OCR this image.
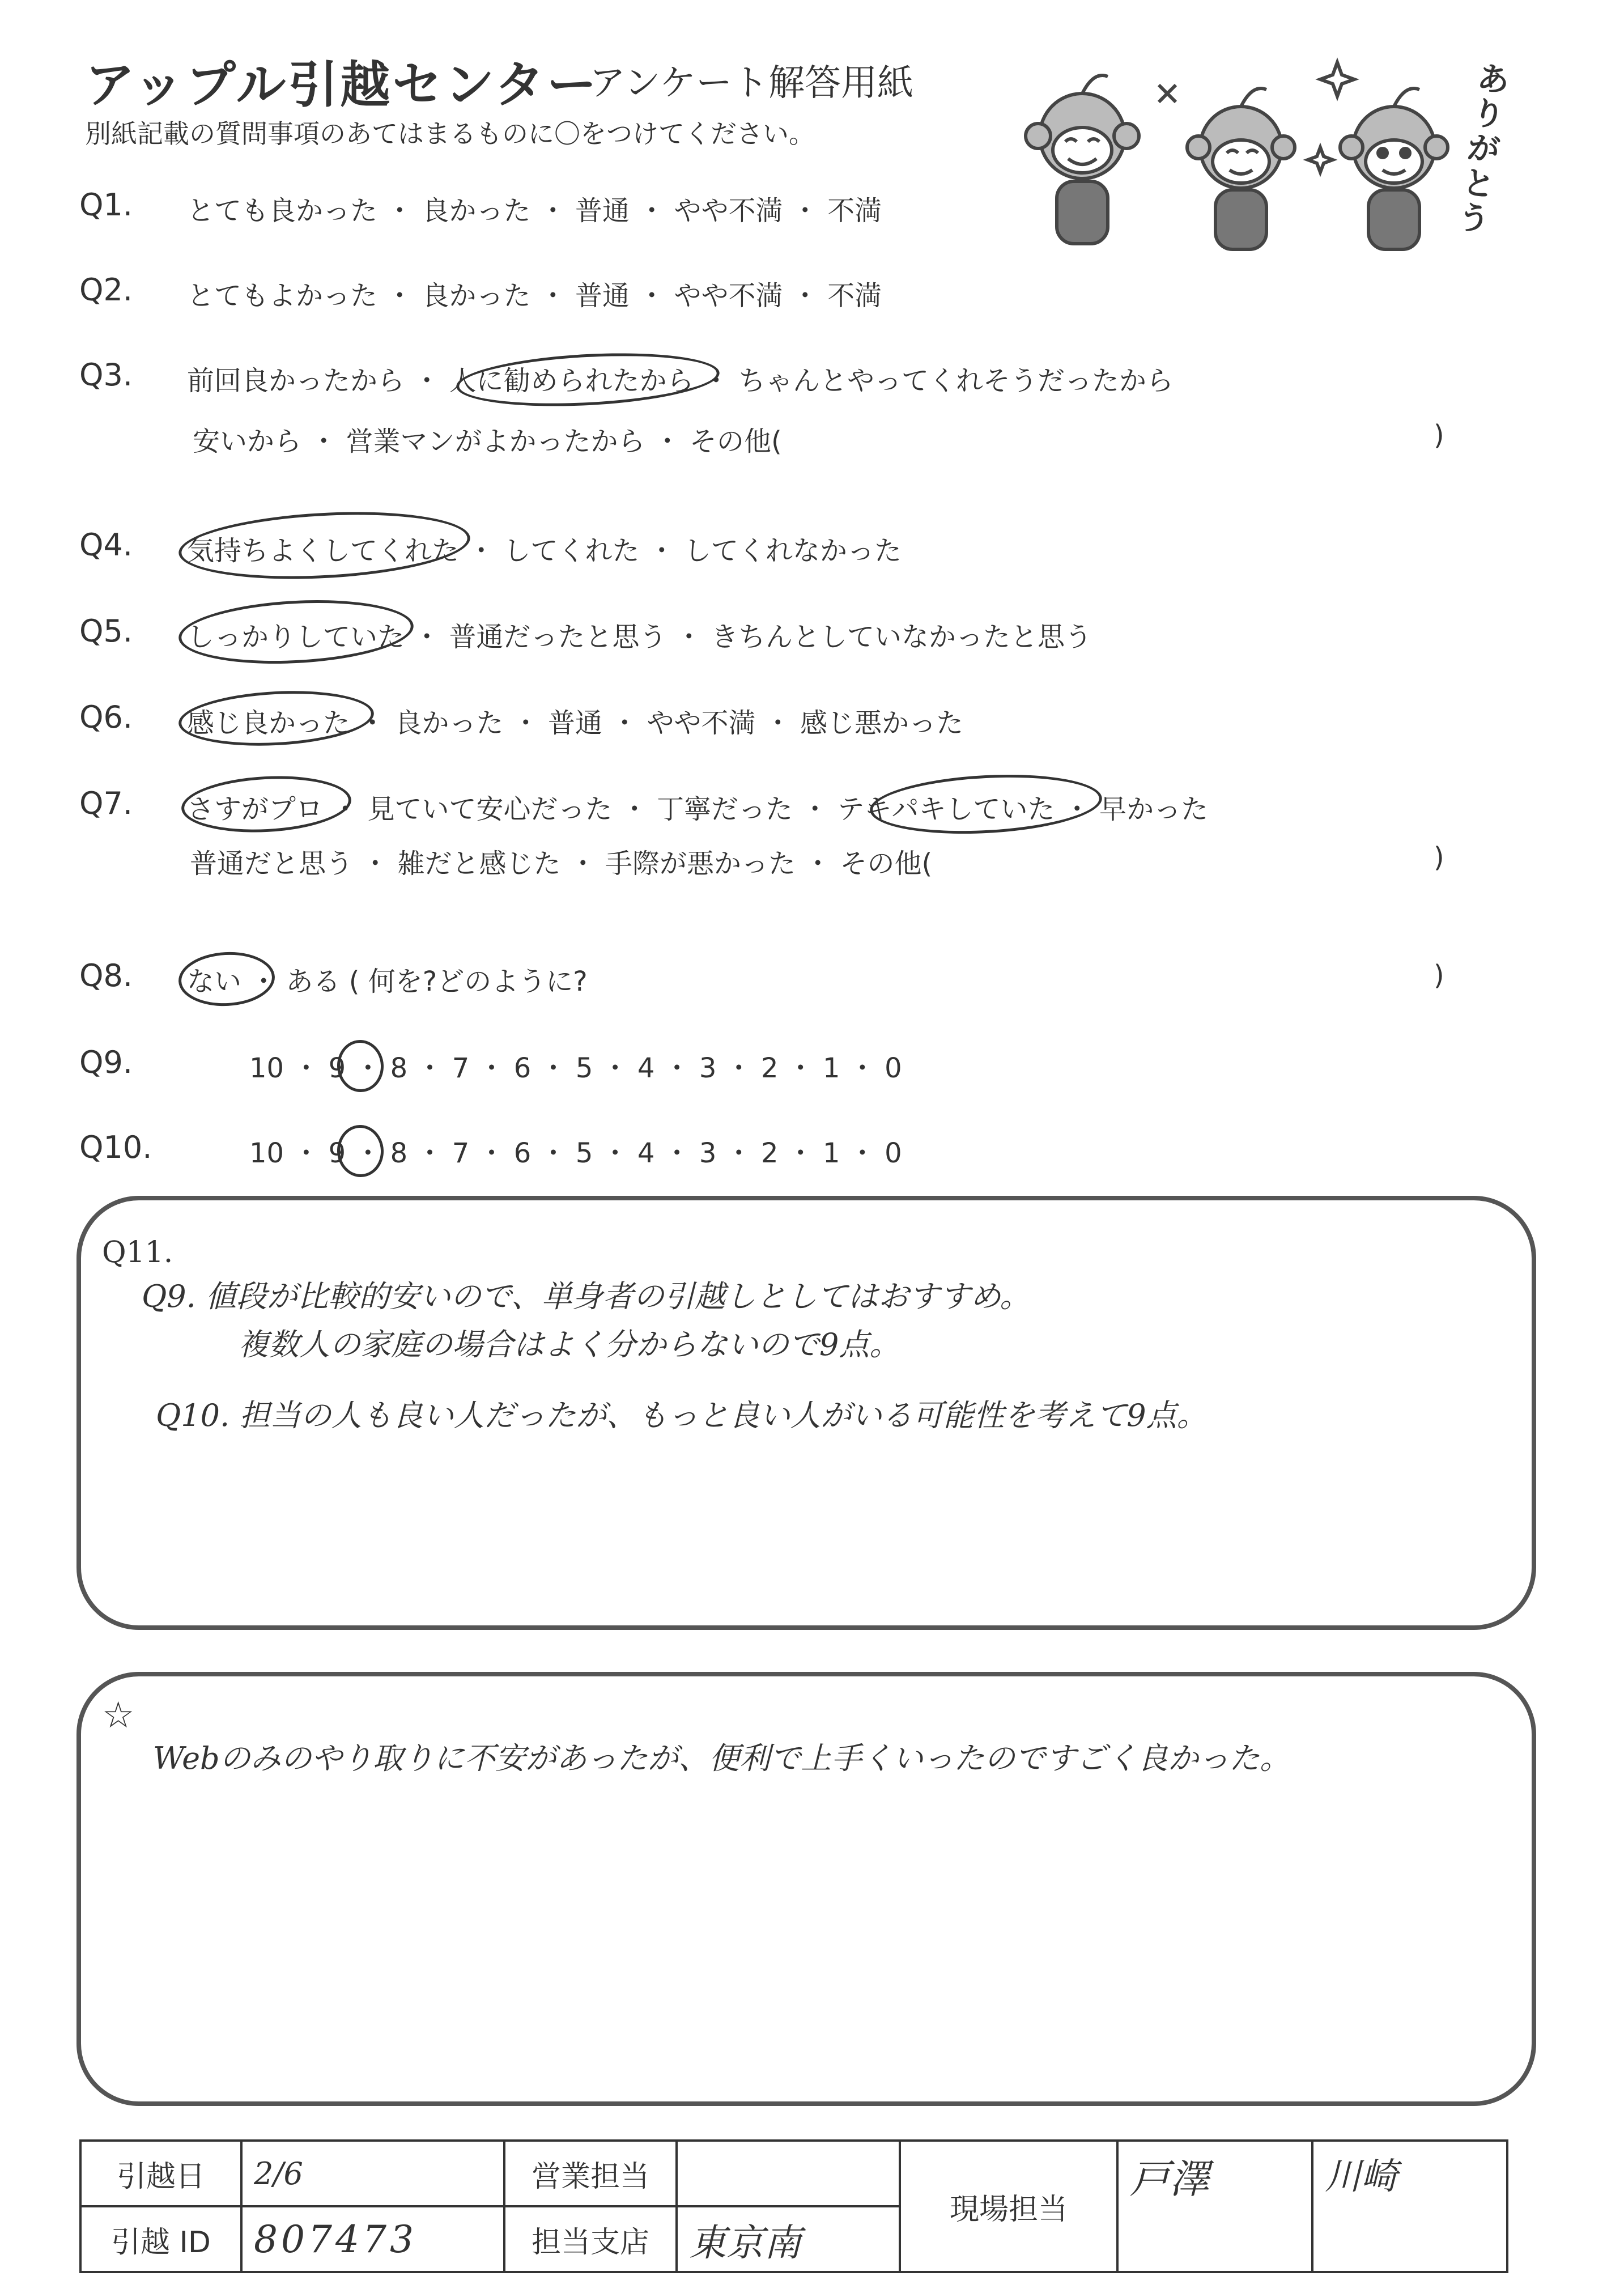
アップル引越センター
アンケート解答用紙
別紙記載の質問事項のあてはまるものに〇をつけてください。
ありがとう
Q1. とても良かった ・ 良かった ・ 普通 ・ やや不満 ・ 不満
Q2. とてもよかった ・ 良かった ・ 普通 ・ やや不満 ・ 不満
Q3. 前回良かったから ・ 人に勧められたから ・ ちゃんとやってくれそうだったから
安いから ・ 営業マンがよかったから ・ その他(	)
Q4. 気持ちよくしてくれた ・ してくれた ・ してくれなかった
Q5. しっかりしていた ・ 普通だったと思う ・ きちんとしていなかったと思う
Q6. 感じ良かった ・ 良かった ・ 普通 ・ やや不満 ・ 感じ悪かった
Q7. さすがプロ ・ 見ていて安心だった ・ 丁寧だった ・ テキパキしていた ・ 早かった
普通だと思う ・ 雑だと感じた ・ 手際が悪かった ・ その他(	)
Q8. ない ・ ある ( 何を?どのように?	)
Q9.	10 ・ 9 ・ 8 ・ 7 ・ 6 ・ 5 ・ 4 ・ 3 ・ 2 ・ 1 ・ 0
Q10.	10 ・ 9 ・ 8 ・ 7 ・ 6 ・ 5 ・ 4 ・ 3 ・ 2 ・ 1 ・ 0
Q11.
Q9. 値段が比較的安いので、単身者の引越しとしてはおすすめ。
複数人の家庭の場合はよく分からないので9点。
Q10. 担当の人も良い人だったが、もっと良い人がいる可能性を考えて9点。
☆
Webのみのやり取りに不安があったが、便利で上手くいったのですごく良かった。
引越日	2/6	営業担当		現場担当	戸澤	川崎
引越 ID	807473	担当支店	東京南			
